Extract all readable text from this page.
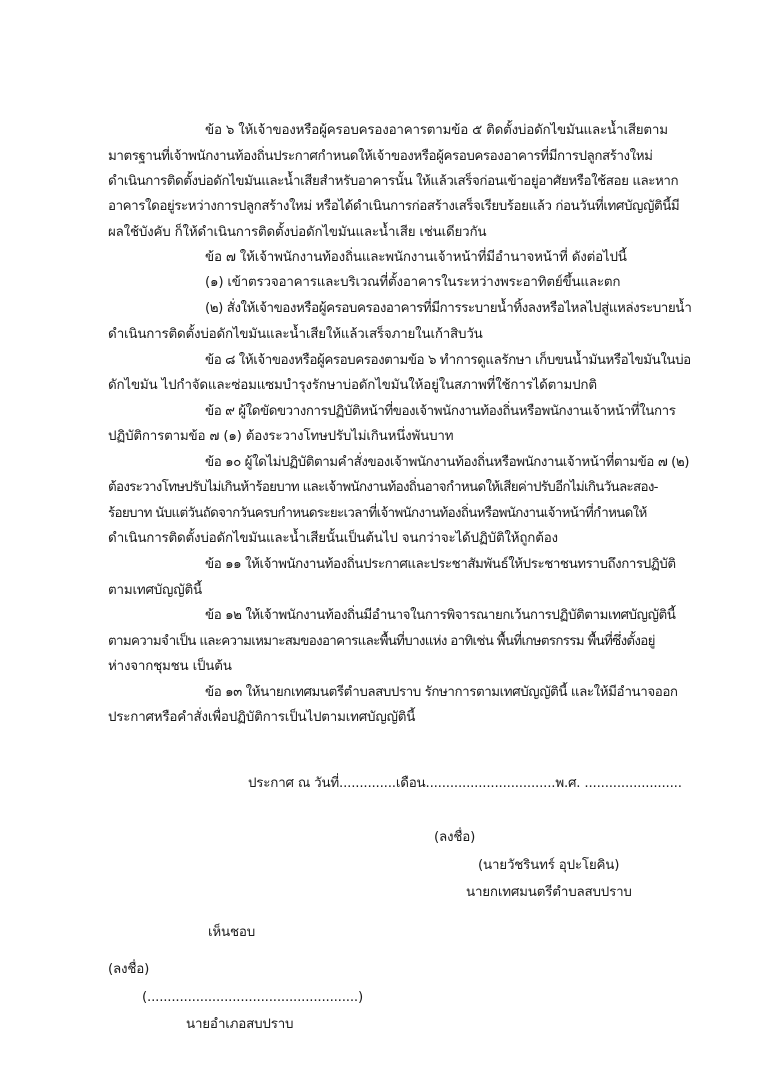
ข้อ ๖ ให้เจ้าของหรือผู้ครอบครองอาคารตามข้อ ๕ ติดตั้งบ่อดักไขมันและน้ำเสียตาม

มาตรฐานที่เจ้าพนักงานท้องถิ่นประกาศกำหนดให้เจ้าของหรือผู้ครอบครองอาคารที่มีการปลูกสร้างใหม่

ดำเนินการติดตั้งบ่อดักไขมันและน้ำเสียสำหรับอาคารนั้น ให้แล้วเสร็จก่อนเข้าอยู่อาศัยหรือใช้สอย และหาก

อาคารใดอยู่ระหว่างการปลูกสร้างใหม่ หรือได้ดำเนินการก่อสร้างเสร็จเรียบร้อยแล้ว ก่อนวันที่เทศบัญญัตินี้มี

ผลใช้บังคับ ก็ให้ดำเนินการติดตั้งบ่อดักไขมันและน้ำเสีย เช่นเดียวกัน

ข้อ ๗ ให้เจ้าพนักงานท้องถิ่นและพนักงานเจ้าหน้าที่มีอำนาจหน้าที่ ดังต่อไปนี้

(๑) เข้าตรวจอาคารและบริเวณที่ตั้งอาคารในระหว่างพระอาทิตย์ขึ้นและตก

(๒) สั่งให้เจ้าของหรือผู้ครอบครองอาคารที่มีการระบายน้ำทิ้งลงหรือไหลไปสู่แหล่งระบายน้ำ

ดำเนินการติดตั้งบ่อดักไขมันและน้ำเสียให้แล้วเสร็จภายในเก้าสิบวัน

ข้อ ๘ ให้เจ้าของหรือผู้ครอบครองตามข้อ ๖ ทำการดูแลรักษา เก็บขนน้ำมันหรือไขมันในบ่อ

ดักไขมัน ไปกำจัดและซ่อมแซมบำรุงรักษาบ่อดักไขมันให้อยู่ในสภาพที่ใช้การได้ตามปกติ

ข้อ ๙ ผู้ใดขัดขวางการปฏิบัติหน้าที่ของเจ้าพนักงานท้องถิ่นหรือพนักงานเจ้าหน้าที่ในการ

ปฏิบัติการตามข้อ ๗ (๑) ต้องระวางโทษปรับไม่เกินหนึ่งพันบาท

ข้อ ๑๐ ผู้ใดไม่ปฏิบัติตามคำสั่งของเจ้าพนักงานท้องถิ่นหรือพนักงานเจ้าหน้าที่ตามข้อ ๗ (๒)

ต้องระวางโทษปรับไม่เกินห้าร้อยบาท และเจ้าพนักงานท้องถิ่นอาจกำหนดให้เสียค่าปรับอีกไม่เกินวันละสอง-

ร้อยบาท นับแต่วันถัดจากวันครบกำหนดระยะเวลาที่เจ้าพนักงานท้องถิ่นหรือพนักงานเจ้าหน้าที่กำหนดให้

ดำเนินการติดตั้งบ่อดักไขมันและน้ำเสียนั้นเป็นต้นไป จนกว่าจะได้ปฏิบัติให้ถูกต้อง

ข้อ ๑๑ ให้เจ้าพนักงานท้องถิ่นประกาศและประชาสัมพันธ์ให้ประชาชนทราบถึงการปฏิบัติ

ตามเทศบัญญัตินี้

ข้อ ๑๒ ให้เจ้าพนักงานท้องถิ่นมีอำนาจในการพิจารณายกเว้นการปฏิบัติตามเทศบัญญัตินี้

ตามความจำเป็น และความเหมาะสมของอาคารและพื้นที่บางแห่ง อาทิเช่น พื้นที่เกษตรกรรม พื้นที่ซึ่งตั้งอยู่

ห่างจากชุมชน เป็นต้น

ข้อ ๑๓ ให้นายกเทศมนตรีตำบลสบปราบ รักษาการตามเทศบัญญัตินี้ และให้มีอำนาจออก

ประกาศหรือคำสั่งเพื่อปฏิบัติการเป็นไปตามเทศบัญญัตินี้

ประกาศ ณ วันที่..............เดือน................................พ.ศ. ........................

(ลงชื่อ)

(นายวัชรินทร์ อุปะโยคิน)

นายกเทศมนตรีตำบลสบปราบ

เห็นชอบ

(ลงชื่อ)

(....................................................)

นายอำเภอสบปราบ
